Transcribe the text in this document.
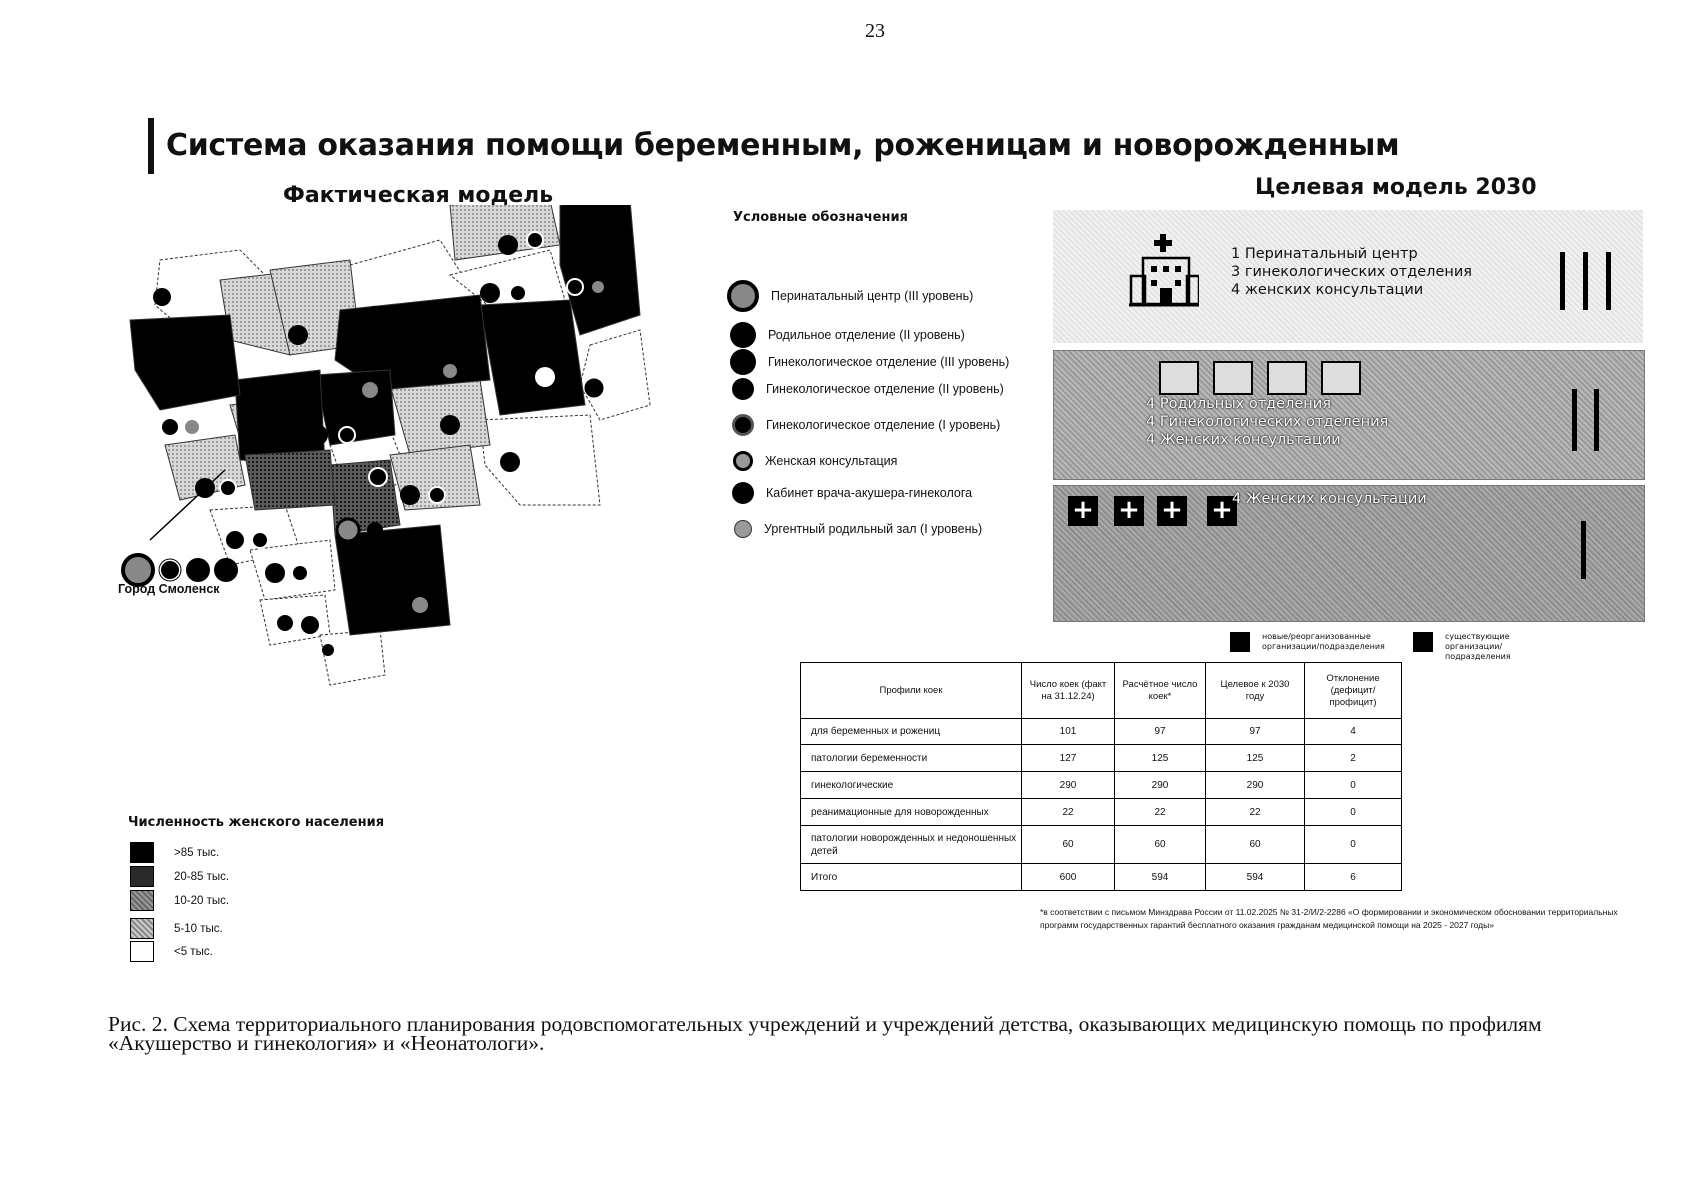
23
Система оказания помощи беременным, роженицам и новорожденным
Фактическая модель	Целевая модель 2030
Город Смоленск
Условные обозначения
Перинатальный центр (III уровень)
Родильное отделение (II уровень)
Гинекологическое отделение (III уровень)
Гинекологическое отделение (II уровень)
Гинекологическое отделение (I уровень)
Женская консультация
Кабинет врача-акушера-гинеколога
Ургентный родильный зал (I уровень)
Численность женского населения
>85 тыс.
20-85 тыс.
10-20 тыс.
5-10 тыс.
<5 тыс.
1 Перинатальный центр
3 гинекологических отделения
4 женских консультации
4 Родильных отделения
4 Гинекологических отделения
4 Женских консультации
+ + + + 4 Женских консультации
новые/реорганизованные организации/подразделения
существующие организации/подразделения
Профили коек	Число коек (факт на 31.12.24)	Расчётное число коек*	Целевое к 2030 году	Отклонение (дефицит/профицит)
для беременных и рожениц	101	97	97	4
патологии беременности	127	125	125	2
гинекологические	290	290	290	0
реанимационные для новорожденных	22	22	22	0
патологии новорожденных и недоношенных детей	60	60	60	0
Итого	600	594	594	6
*в соответствии с письмом Минздрава России от 11.02.2025 № 31-2/И/2-2286 «О формировании и экономическом обосновании территориальных программ государственных гарантий бесплатного оказания гражданам медицинской помощи на 2025 - 2027 годы»
Рис. 2. Схема территориального планирования родовспомогательных учреждений и учреждений детства, оказывающих медицинскую помощь по профилям «Акушерство и гинекология» и «Неонатологи».
